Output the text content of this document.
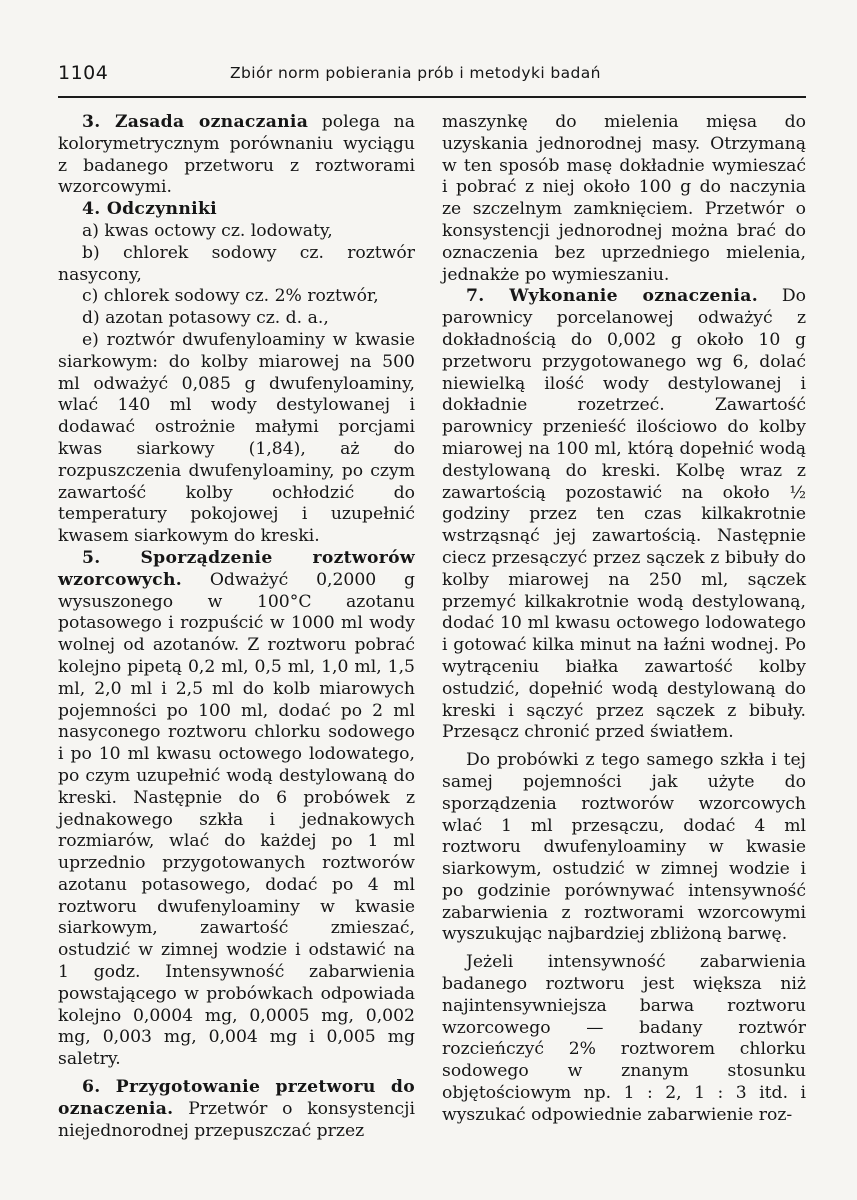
1104	Zbiór norm pobierania prób i metodyki badań

3. Zasada oznaczania polega na kolorymetrycznym porównaniu wyciągu z badanego przetworu z roztworami wzorcowymi.

4. Odczynniki

a) kwas octowy cz. lodowaty,

b) chlorek sodowy cz. roztwór nasycony,

c) chlorek sodowy cz. 2% roztwór,

d) azotan potasowy cz. d. a.,

e) roztwór dwufenyloaminy w kwasie siarkowym: do kolby miarowej na 500 ml odważyć 0,085 g dwufenyloaminy, wlać 140 ml wody destylowanej i dodawać ostrożnie małymi porcjami kwas siarkowy (1,84), aż do rozpuszczenia dwufenyloaminy, po czym zawartość kolby ochłodzić do temperatury pokojowej i uzupełnić kwasem siarkowym do kreski.

5. Sporządzenie roztworów wzorcowych. Odważyć 0,2000 g wysuszonego w 100°C azotanu potasowego i rozpuścić w 1000 ml wody wolnej od azotanów. Z roztworu pobrać kolejno pipetą 0,2 ml, 0,5 ml, 1,0 ml, 1,5 ml, 2,0 ml i 2,5 ml do kolb miarowych pojemności po 100 ml, dodać po 2 ml nasyconego roztworu chlorku sodowego i po 10 ml kwasu octowego lodowatego, po czym uzupełnić wodą destylowaną do kreski. Następnie do 6 probówek z jednakowego szkła i jednakowych rozmiarów, wlać do każdej po 1 ml uprzednio przygotowanych roztworów azotanu potasowego, dodać po 4 ml roztworu dwufenyloaminy w kwasie siarkowym, zawartość zmieszać, ostudzić w zimnej wodzie i odstawić na 1 godz. Intensywność zabarwienia powstającego w probówkach odpowiada kolejno 0,0004 mg, 0,0005 mg, 0,002 mg, 0,003 mg, 0,004 mg i 0,005 mg saletry.

6. Przygotowanie przetworu do oznaczenia. Przetwór o konsystencji niejednorodnej przepuszczać przez

maszynkę do mielenia mięsa do uzyskania jednorodnej masy. Otrzymaną w ten sposób masę dokładnie wymieszać i pobrać z niej około 100 g do naczynia ze szczelnym zamknięciem. Przetwór o konsystencji jednorodnej można brać do oznaczenia bez uprzedniego mielenia, jednakże po wymieszaniu.

7. Wykonanie oznaczenia. Do parownicy porcelanowej odważyć z dokładnością do 0,002 g około 10 g przetworu przygotowanego wg 6, dolać niewielką ilość wody destylowanej i dokładnie rozetrzeć. Zawartość parownicy przenieść ilościowo do kolby miarowej na 100 ml, którą dopełnić wodą destylowaną do kreski. Kolbę wraz z zawartością pozostawić na około ½ godziny przez ten czas kilkakrotnie wstrząsnąć jej zawartością. Następnie ciecz przesączyć przez sączek z bibuły do kolby miarowej na 250 ml, sączek przemyć kilkakrotnie wodą destylowaną, dodać 10 ml kwasu octowego lodowatego i gotować kilka minut na łaźni wodnej. Po wytrąceniu białka zawartość kolby ostudzić, dopełnić wodą destylowaną do kreski i sączyć przez sączek z bibuły. Przesącz chronić przed światłem.

Do probówki z tego samego szkła i tej samej pojemności jak użyte do sporządzenia roztworów wzorcowych wlać 1 ml przesączu, dodać 4 ml roztworu dwufenyloaminy w kwasie siarkowym, ostudzić w zimnej wodzie i po godzinie porównywać intensywność zabarwienia z roztworami wzorcowymi wyszukując najbardziej zbliżoną barwę.

Jeżeli intensywność zabarwienia badanego roztworu jest większa niż najintensywniejsza barwa roztworu wzorcowego — badany roztwór rozcieńczyć 2% roztworem chlorku sodowego w znanym stosunku objętościowym np. 1 : 2, 1 : 3 itd. i wyszukać odpowiednie zabarwienie roz-
